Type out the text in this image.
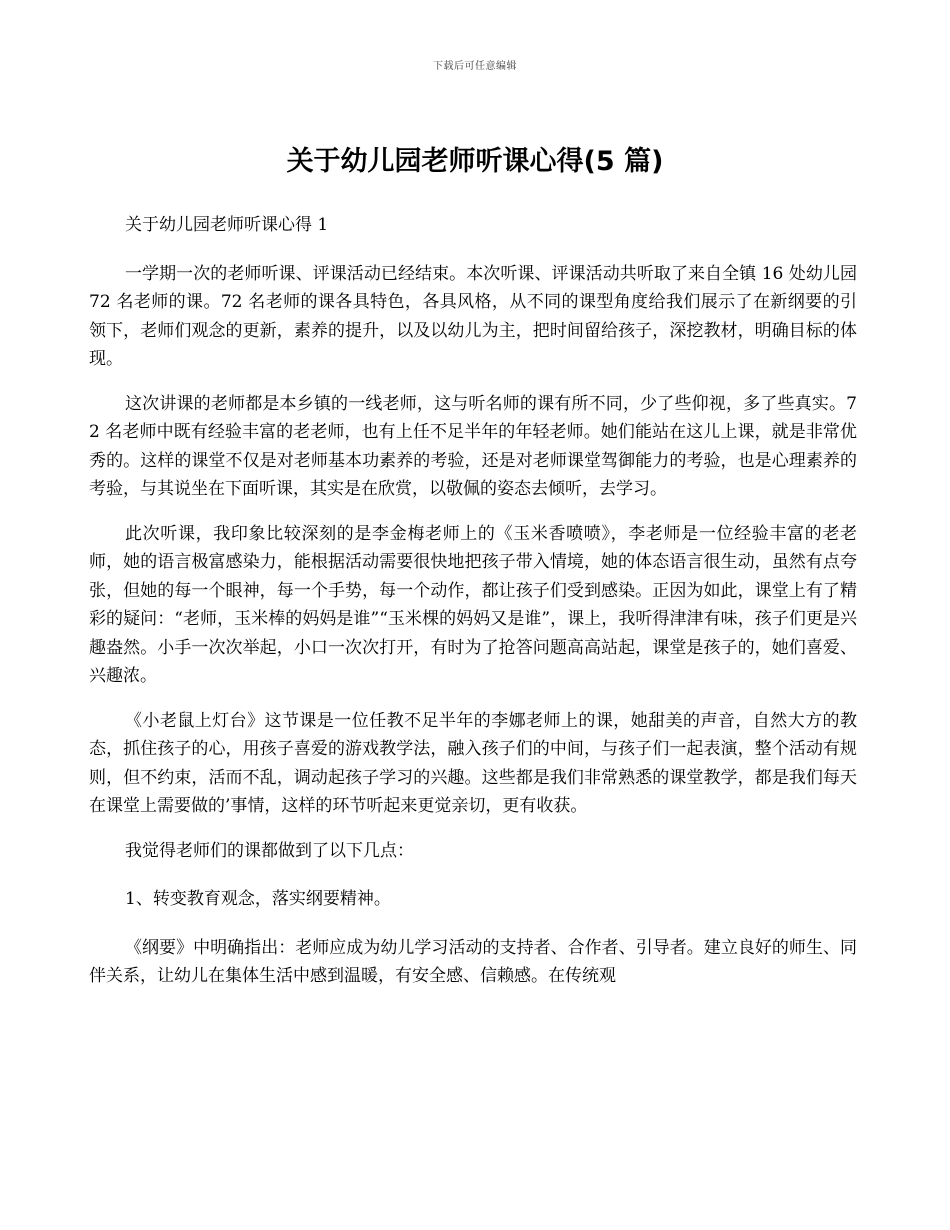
下载后可任意编辑
关于幼儿园老师听课心得(5 篇)

关于幼儿园老师听课心得 1

一学期一次的老师听课、评课活动已经结束。本次听课、评课活动共听取了来自全镇 16 处幼儿园 72 名老师的课。72 名老师的课各具特色，各具风格，从不同的课型角度给我们展示了在新纲要的引领下，老师们观念的更新，素养的提升，以及以幼儿为主，把时间留给孩子，深挖教材，明确目标的体现。

这次讲课的老师都是本乡镇的一线老师，这与听名师的课有所不同，少了些仰视，多了些真实。72 名老师中既有经验丰富的老老师，也有上任不足半年的年轻老师。她们能站在这儿上课，就是非常优秀的。这样的课堂不仅是对老师基本功素养的考验，还是对老师课堂驾御能力的考验，也是心理素养的考验，与其说坐在下面听课，其实是在欣赏，以敬佩的姿态去倾听，去学习。

此次听课，我印象比较深刻的是李金梅老师上的《玉米香喷喷》，李老师是一位经验丰富的老老师，她的语言极富感染力，能根据活动需要很快地把孩子带入情境，她的体态语言很生动，虽然有点夸张，但她的每一个眼神，每一个手势，每一个动作，都让孩子们受到感染。正因为如此，课堂上有了精彩的疑问：“老师，玉米棒的妈妈是谁”“玉米棵的妈妈又是谁”，课上，我听得津津有味，孩子们更是兴趣盎然。小手一次次举起，小口一次次打开，有时为了抢答问题高高站起，课堂是孩子的，她们喜爱、兴趣浓。

《小老鼠上灯台》这节课是一位任教不足半年的李娜老师上的课，她甜美的声音，自然大方的教态，抓住孩子的心，用孩子喜爱的游戏教学法，融入孩子们的中间，与孩子们一起表演，整个活动有规则，但不约束，活而不乱，调动起孩子学习的兴趣。这些都是我们非常熟悉的课堂教学，都是我们每天在课堂上需要做的’事情，这样的环节听起来更觉亲切，更有收获。

我觉得老师们的课都做到了以下几点：

1、转变教育观念，落实纲要精神。

《纲要》中明确指出：老师应成为幼儿学习活动的支持者、合作者、引导者。建立良好的师生、同伴关系，让幼儿在集体生活中感到温暖，有安全感、信赖感。在传统观
